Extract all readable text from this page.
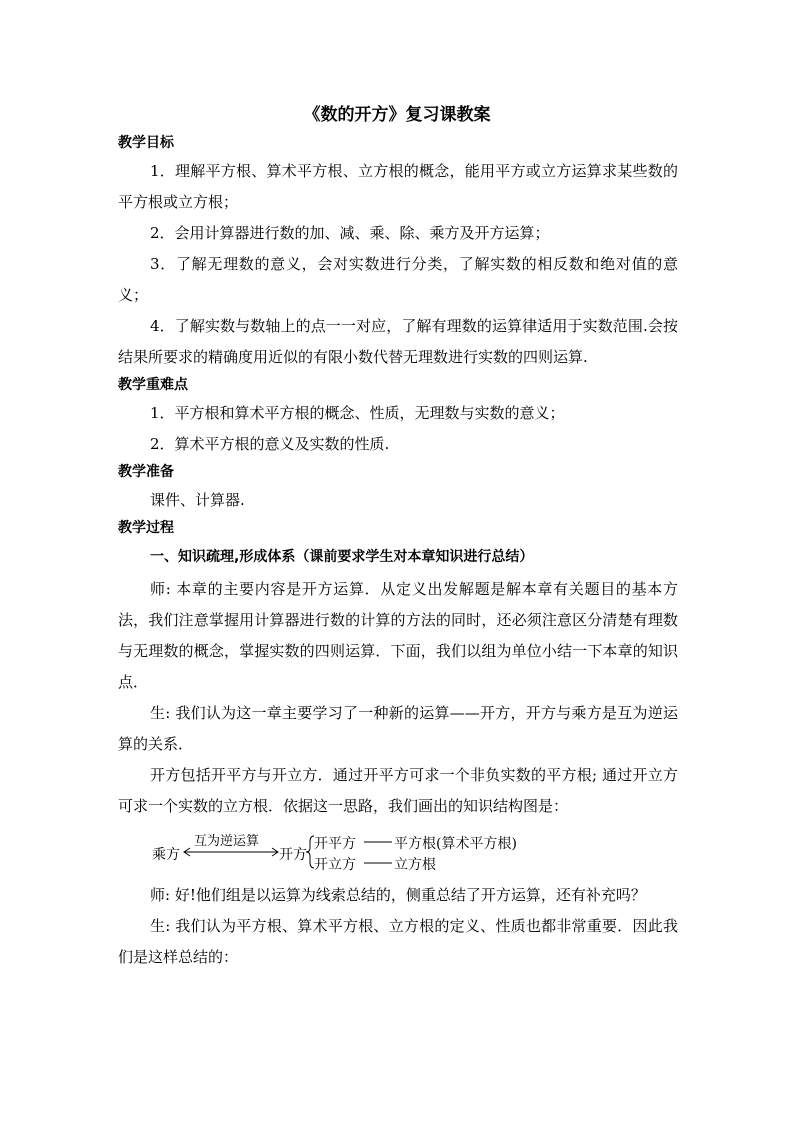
《数的开方》复习课教案

教学目标

1．理解平方根、算术平方根、立方根的概念，能用平方或立方运算求某些数的平方根或立方根；

2．会用计算器进行数的加、减、乘、除、乘方及开方运算；

3．了解无理数的意义，会对实数进行分类，了解实数的相反数和绝对值的意义；

4．了解实数与数轴上的点一一对应，了解有理数的运算律适用于实数范围.会按结果所要求的精确度用近似的有限小数代替无理数进行实数的四则运算.

教学重难点

1．平方根和算术平方根的概念、性质，无理数与实数的意义；

2．算术平方根的意义及实数的性质.

教学准备

课件、计算器.

教学过程

一、知识疏理,形成体系（课前要求学生对本章知识进行总结）

师: 本章的主要内容是开方运算．从定义出发解题是解本章有关题目的基本方法，我们注意掌握用计算器进行数的计算的方法的同时，还必须注意区分清楚有理数与无理数的概念，掌握实数的四则运算．下面，我们以组为单位小结一下本章的知识点．

生: 我们认为这一章主要学习了一种新的运算——开方，开方与乘方是互为逆运算的关系．

开方包括开平方与开立方．通过开平方可求一个非负实数的平方根; 通过开立方可求一个实数的立方根．依据这一思路，我们画出的知识结构图是：

乘方
互为逆运算
开方
开平方	平方根(算术平方根)
开立方	立方根

师: 好!他们组是以运算为线索总结的，侧重总结了开方运算，还有补充吗？

生: 我们认为平方根、算术平方根、立方根的定义、性质也都非常重要．因此我们是这样总结的：
